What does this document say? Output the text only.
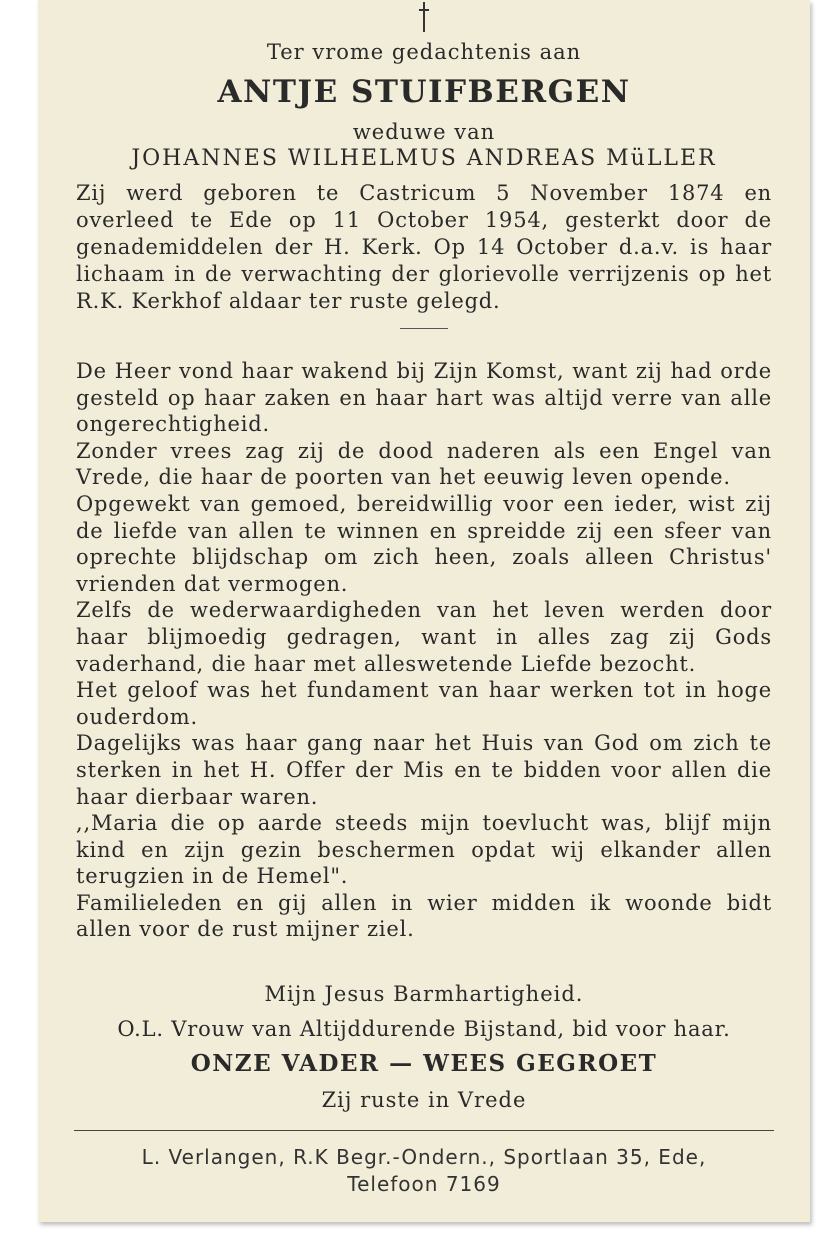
Ter vrome gedachtenis aan
ANTJE STUIFBERGEN
weduwe van
JOHANNES WILHELMUS ANDREAS MüLLER
Zij werd geboren te Castricum 5 November 1874 en overleed te Ede op 11 October 1954, gesterkt door de genademiddelen der H. Kerk. Op 14 October d.a.v. is haar lichaam in de verwachting der glorievolle verrijzenis op het R.K. Kerkhof aldaar ter ruste gelegd.

De Heer vond haar wakend bij Zijn Komst, want zij had orde gesteld op haar zaken en haar hart was altijd verre van alle ongerechtigheid.

Zonder vrees zag zij de dood naderen als een Engel van Vrede, die haar de poorten van het eeuwig leven opende.

Opgewekt van gemoed, bereidwillig voor een ieder, wist zij de liefde van allen te winnen en spreidde zij een sfeer van oprechte blijdschap om zich heen, zoals alleen Christus' vrienden dat vermogen.

Zelfs de wederwaardigheden van het leven werden door haar blijmoedig gedragen, want in alles zag zij Gods vaderhand, die haar met alleswetende Liefde bezocht.

Het geloof was het fundament van haar werken tot in hoge ouderdom.

Dagelijks was haar gang naar het Huis van God om zich te sterken in het H. Offer der Mis en te bidden voor allen die haar dierbaar waren.

,,Maria die op aarde steeds mijn toevlucht was, blijf mijn kind en zijn gezin beschermen opdat wij elkander allen terugzien in de Hemel".

Familieleden en gij allen in wier midden ik woonde bidt allen voor de rust mijner ziel.

Mijn Jesus Barmhartigheid.
O.L. Vrouw van Altijddurende Bijstand, bid voor haar.
ONZE VADER — WEES GEGROET
Zij ruste in Vrede
L. Verlangen, R.K Begr.-Ondern., Sportlaan 35, Ede,
Telefoon 7169
